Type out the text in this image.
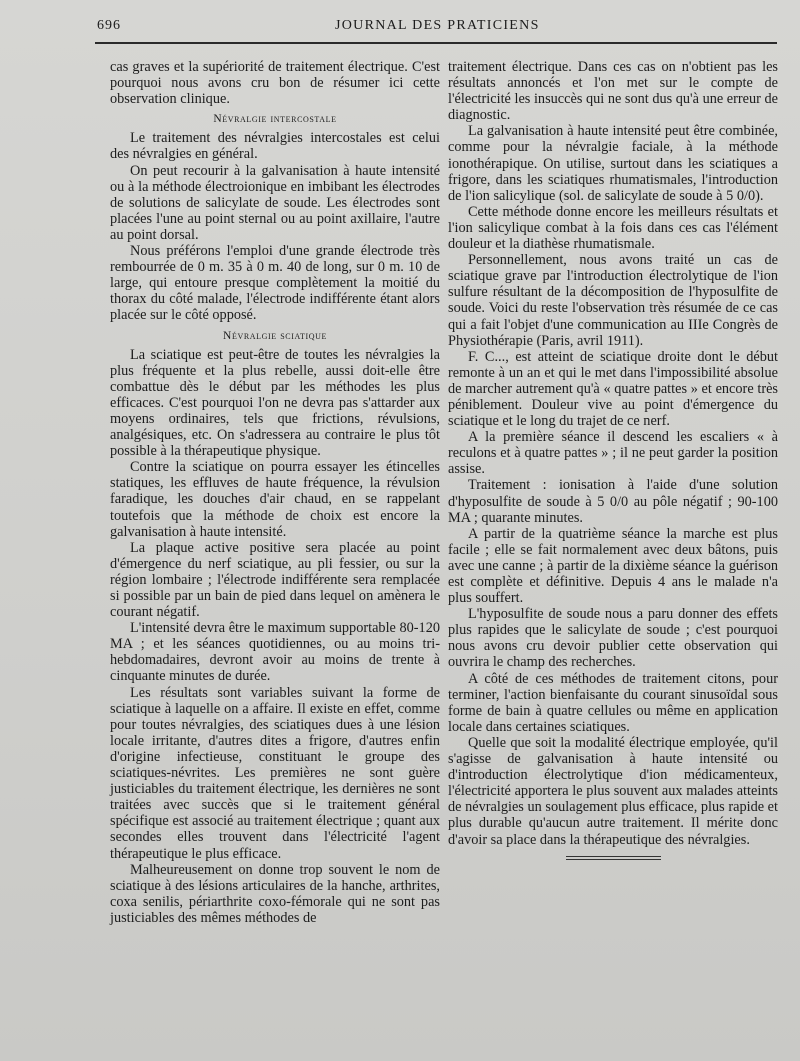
696	JOURNAL DES PRATICIENS

cas graves et la supériorité de traitement électrique. C'est pourquoi nous avons cru bon de résumer ici cette observation clinique.

Névralgie intercostale

Le traitement des névralgies intercostales est celui des névralgies en général.

On peut recourir à la galvanisation à haute intensité ou à la méthode électroionique en imbibant les électrodes de solutions de salicylate de soude. Les électrodes sont placées l'une au point sternal ou au point axillaire, l'autre au point dorsal.

Nous préférons l'emploi d'une grande électrode très rembourrée de 0 m. 35 à 0 m. 40 de long, sur 0 m. 10 de large, qui entoure presque complètement la moitié du thorax du côté malade, l'électrode indifférente étant alors placée sur le côté opposé.

Névralgie sciatique

La sciatique est peut-être de toutes les névralgies la plus fréquente et la plus rebelle, aussi doit-elle être combattue dès le début par les méthodes les plus efficaces. C'est pourquoi l'on ne devra pas s'attarder aux moyens ordinaires, tels que frictions, révulsions, analgésiques, etc. On s'adressera au contraire le plus tôt possible à la thérapeutique physique.

Contre la sciatique on pourra essayer les étincelles statiques, les effluves de haute fréquence, la révulsion faradique, les douches d'air chaud, en se rappelant toutefois que la méthode de choix est encore la galvanisation à haute intensité.

La plaque active positive sera placée au point d'émergence du nerf sciatique, au pli fessier, ou sur la région lombaire ; l'électrode indifférente sera remplacée si possible par un bain de pied dans lequel on amènera le courant négatif.

L'intensité devra être le maximum supportable 80-120 MA ; et les séances quotidiennes, ou au moins tri-hebdomadaires, devront avoir au moins de trente à cinquante minutes de durée.

Les résultats sont variables suivant la forme de sciatique à laquelle on a affaire. Il existe en effet, comme pour toutes névralgies, des sciatiques dues à une lésion locale irritante, d'autres dites a frigore, d'autres enfin d'origine infectieuse, constituant le groupe des sciatiques-névrites. Les premières ne sont guère justiciables du traitement électrique, les dernières ne sont traitées avec succès que si le traitement général spécifique est associé au traitement électrique ; quant aux secondes elles trouvent dans l'électricité l'agent thérapeutique le plus efficace.

Malheureusement on donne trop souvent le nom de sciatique à des lésions articulaires de la hanche, arthrites, coxa senilis, périarthrite coxo-fémorale qui ne sont pas justiciables des mêmes méthodes de

traitement électrique. Dans ces cas on n'obtient pas les résultats annoncés et l'on met sur le compte de l'électricité les insuccès qui ne sont dus qu'à une erreur de diagnostic.

La galvanisation à haute intensité peut être combinée, comme pour la névralgie faciale, à la méthode ionothérapique. On utilise, surtout dans les sciatiques a frigore, dans les sciatiques rhumatismales, l'introduction de l'ion salicylique (sol. de salicylate de soude à 5 0/0).

Cette méthode donne encore les meilleurs résultats et l'ion salicylique combat à la fois dans ces cas l'élément douleur et la diathèse rhumatismale.

Personnellement, nous avons traité un cas de sciatique grave par l'introduction électrolytique de l'ion sulfure résultant de la décomposition de l'hyposulfite de soude. Voici du reste l'observation très résumée de ce cas qui a fait l'objet d'une communication au IIIe Congrès de Physiothérapie (Paris, avril 1911).

F. C..., est atteint de sciatique droite dont le début remonte à un an et qui le met dans l'impossibilité absolue de marcher autrement qu'à « quatre pattes » et encore très péniblement. Douleur vive au point d'émergence du sciatique et le long du trajet de ce nerf.

A la première séance il descend les escaliers « à reculons et à quatre pattes » ; il ne peut garder la position assise.

Traitement : ionisation à l'aide d'une solution d'hyposulfite de soude à 5 0/0 au pôle négatif ; 90-100 MA ; quarante minutes.

A partir de la quatrième séance la marche est plus facile ; elle se fait normalement avec deux bâtons, puis avec une canne ; à partir de la dixième séance la guérison est complète et définitive. Depuis 4 ans le malade n'a plus souffert.

L'hyposulfite de soude nous a paru donner des effets plus rapides que le salicylate de soude ; c'est pourquoi nous avons cru devoir publier cette observation qui ouvrira le champ des recherches.

A côté de ces méthodes de traitement citons, pour terminer, l'action bienfaisante du courant sinusoïdal sous forme de bain à quatre cellules ou même en application locale dans certaines sciatiques.

Quelle que soit la modalité électrique employée, qu'il s'agisse de galvanisation à haute intensité ou d'introduction électrolytique d'ion médicamenteux, l'électricité apportera le plus souvent aux malades atteints de névralgies un soulagement plus efficace, plus rapide et plus durable qu'aucun autre traitement. Il mérite donc d'avoir sa place dans la thérapeutique des névralgies.
